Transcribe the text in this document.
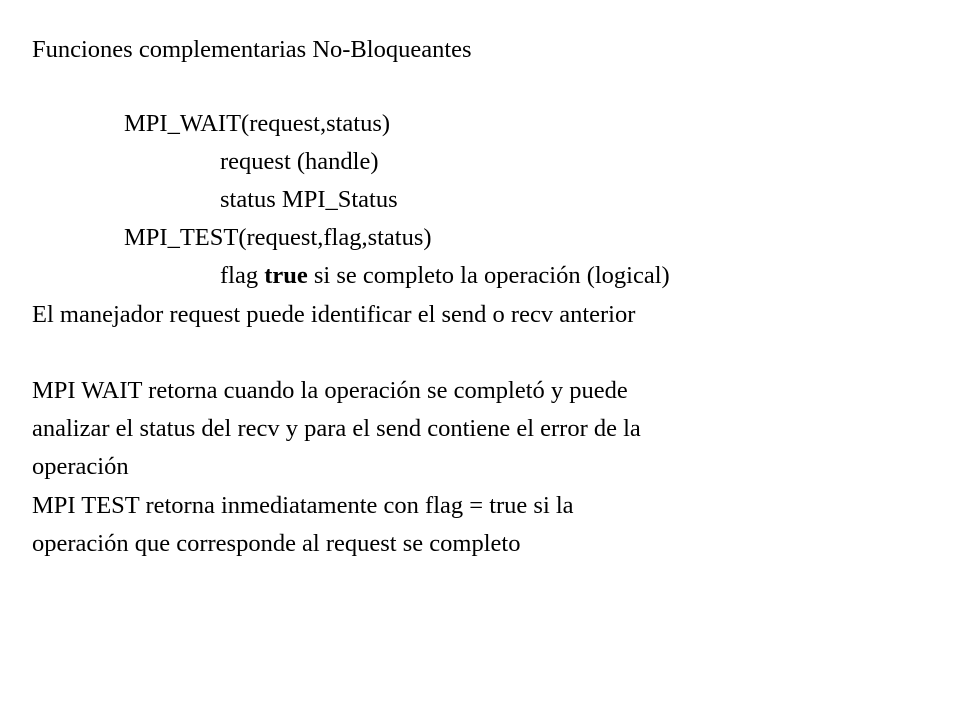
Funciones complementarias No-Bloqueantes

MPI_WAIT(request,status)

request (handle)

status MPI_Status

MPI_TEST(request,flag,status)

flag true si se completo la operación (logical)

El manejador request puede identificar el send o recv anterior

MPI WAIT retorna cuando la operación se completó y puede

analizar el status del recv y para el send contiene el error de la

operación

MPI TEST retorna inmediatamente con flag = true si la

operación que corresponde al request se completo
